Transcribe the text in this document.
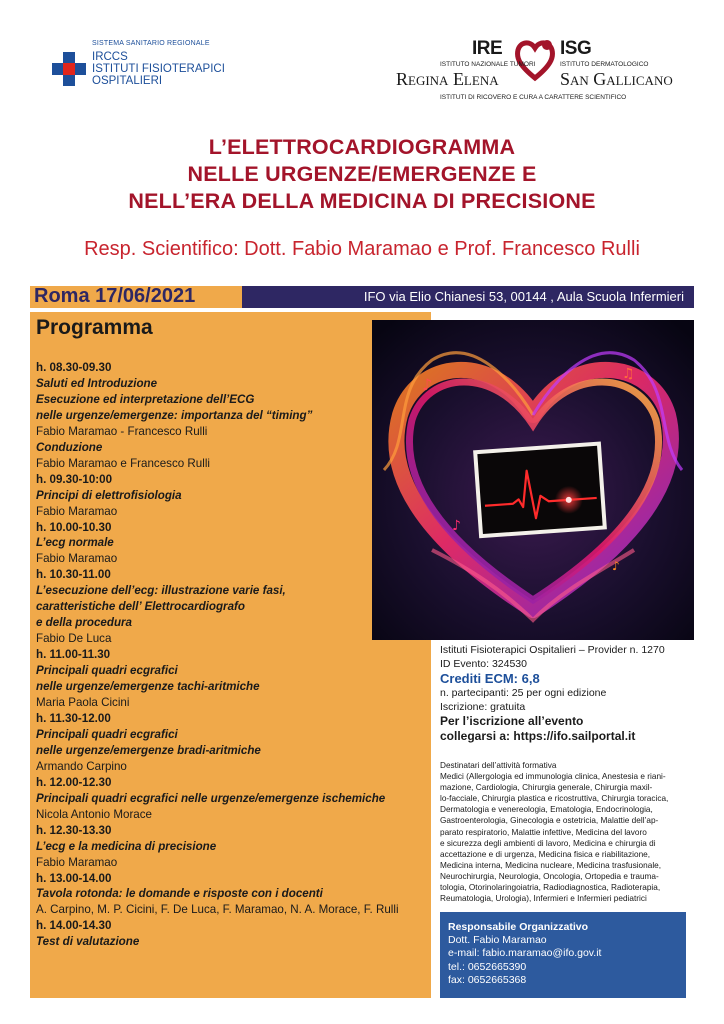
SISTEMA SANITARIO REGIONALE
IRCCS
ISTITUTI FISIOTERAPICI
OSPITALIERI
IRE	ISG
ISTITUTO NAZIONALE TUMORI	ISTITUTO DERMATOLOGICO
Regina Elena	San Gallicano
ISTITUTI DI RICOVERO E CURA A CARATTERE SCIENTIFICO
L’ELETTROCARDIOGRAMMA
NELLE URGENZE/EMERGENZE E
NELL’ERA DELLA MEDICINA DI PRECISIONE
Resp. Scientifico: Dott. Fabio Maramao e Prof. Francesco Rulli
Roma 17/06/2021	IFO via Elio Chianesi 53, 00144 , Aula Scuola Infermieri
Programma
h. 08.30-09.30
Saluti ed Introduzione
Esecuzione ed interpretazione dell’ECG
nelle urgenze/emergenze: importanza del “timing”
Fabio Maramao - Francesco Rulli
Conduzione
Fabio Maramao e Francesco Rulli
h. 09.30-10:00
Principi di elettrofisiologia
Fabio Maramao
h. 10.00-10.30
L’ecg normale
Fabio Maramao
h. 10.30-11.00
L’esecuzione dell’ecg: illustrazione varie fasi,
caratteristiche dell’ Elettrocardiografo
e della procedura
Fabio De Luca
h. 11.00-11.30
Principali quadri ecgrafici
nelle urgenze/emergenze tachi-aritmiche
Maria Paola Cicini
h. 11.30-12.00
Principali quadri ecgrafici
nelle urgenze/emergenze bradi-aritmiche
Armando Carpino
h. 12.00-12.30
Principali quadri ecgrafici nelle urgenze/emergenze ischemiche
Nicola Antonio Morace
h. 12.30-13.30
L’ecg e la medicina di precisione
Fabio Maramao
h. 13.00-14.00
Tavola rotonda: le domande e risposte con i docenti
A. Carpino, M. P. Cicini, F. De Luca, F. Maramao, N. A. Morace, F. Rulli
h. 14.00-14.30
Test di valutazione
♪
♫
♪
♪
Istituti Fisioterapici Ospitalieri – Provider n. 1270
ID Evento: 324530
Crediti ECM: 6,8
n. partecipanti: 25 per ogni edizione
Iscrizione: gratuita
Per l’iscrizione all’evento
collegarsi a: https://ifo.sailportal.it
Destinatari dell’attività formativa
Medici (Allergologia ed immunologia clinica, Anestesia e riani-
mazione, Cardiologia, Chirurgia generale, Chirurgia maxil-
lo-facciale, Chirurgia plastica e ricostruttiva, Chirurgia toracica,
Dermatologia e venereologia, Ematologia, Endocrinologia,
Gastroenterologia, Ginecologia e ostetricia, Malattie dell’ap-
parato respiratorio, Malattie infettive, Medicina del lavoro
e sicurezza degli ambienti di lavoro, Medicina e chirurgia di
accettazione e di urgenza, Medicina fisica e riabilitazione,
Medicina interna, Medicina nucleare, Medicina trasfusionale,
Neurochirurgia, Neurologia, Oncologia, Ortopedia e trauma-
tologia, Otorinolaringoiatria, Radiodiagnostica, Radioterapia,
Reumatologia, Urologia), Infermieri e Infermieri pediatrici
Responsabile Organizzativo
Dott. Fabio Maramao
e-mail: fabio.maramao@ifo.gov.it
tel.: 0652665390
fax: 0652665368
